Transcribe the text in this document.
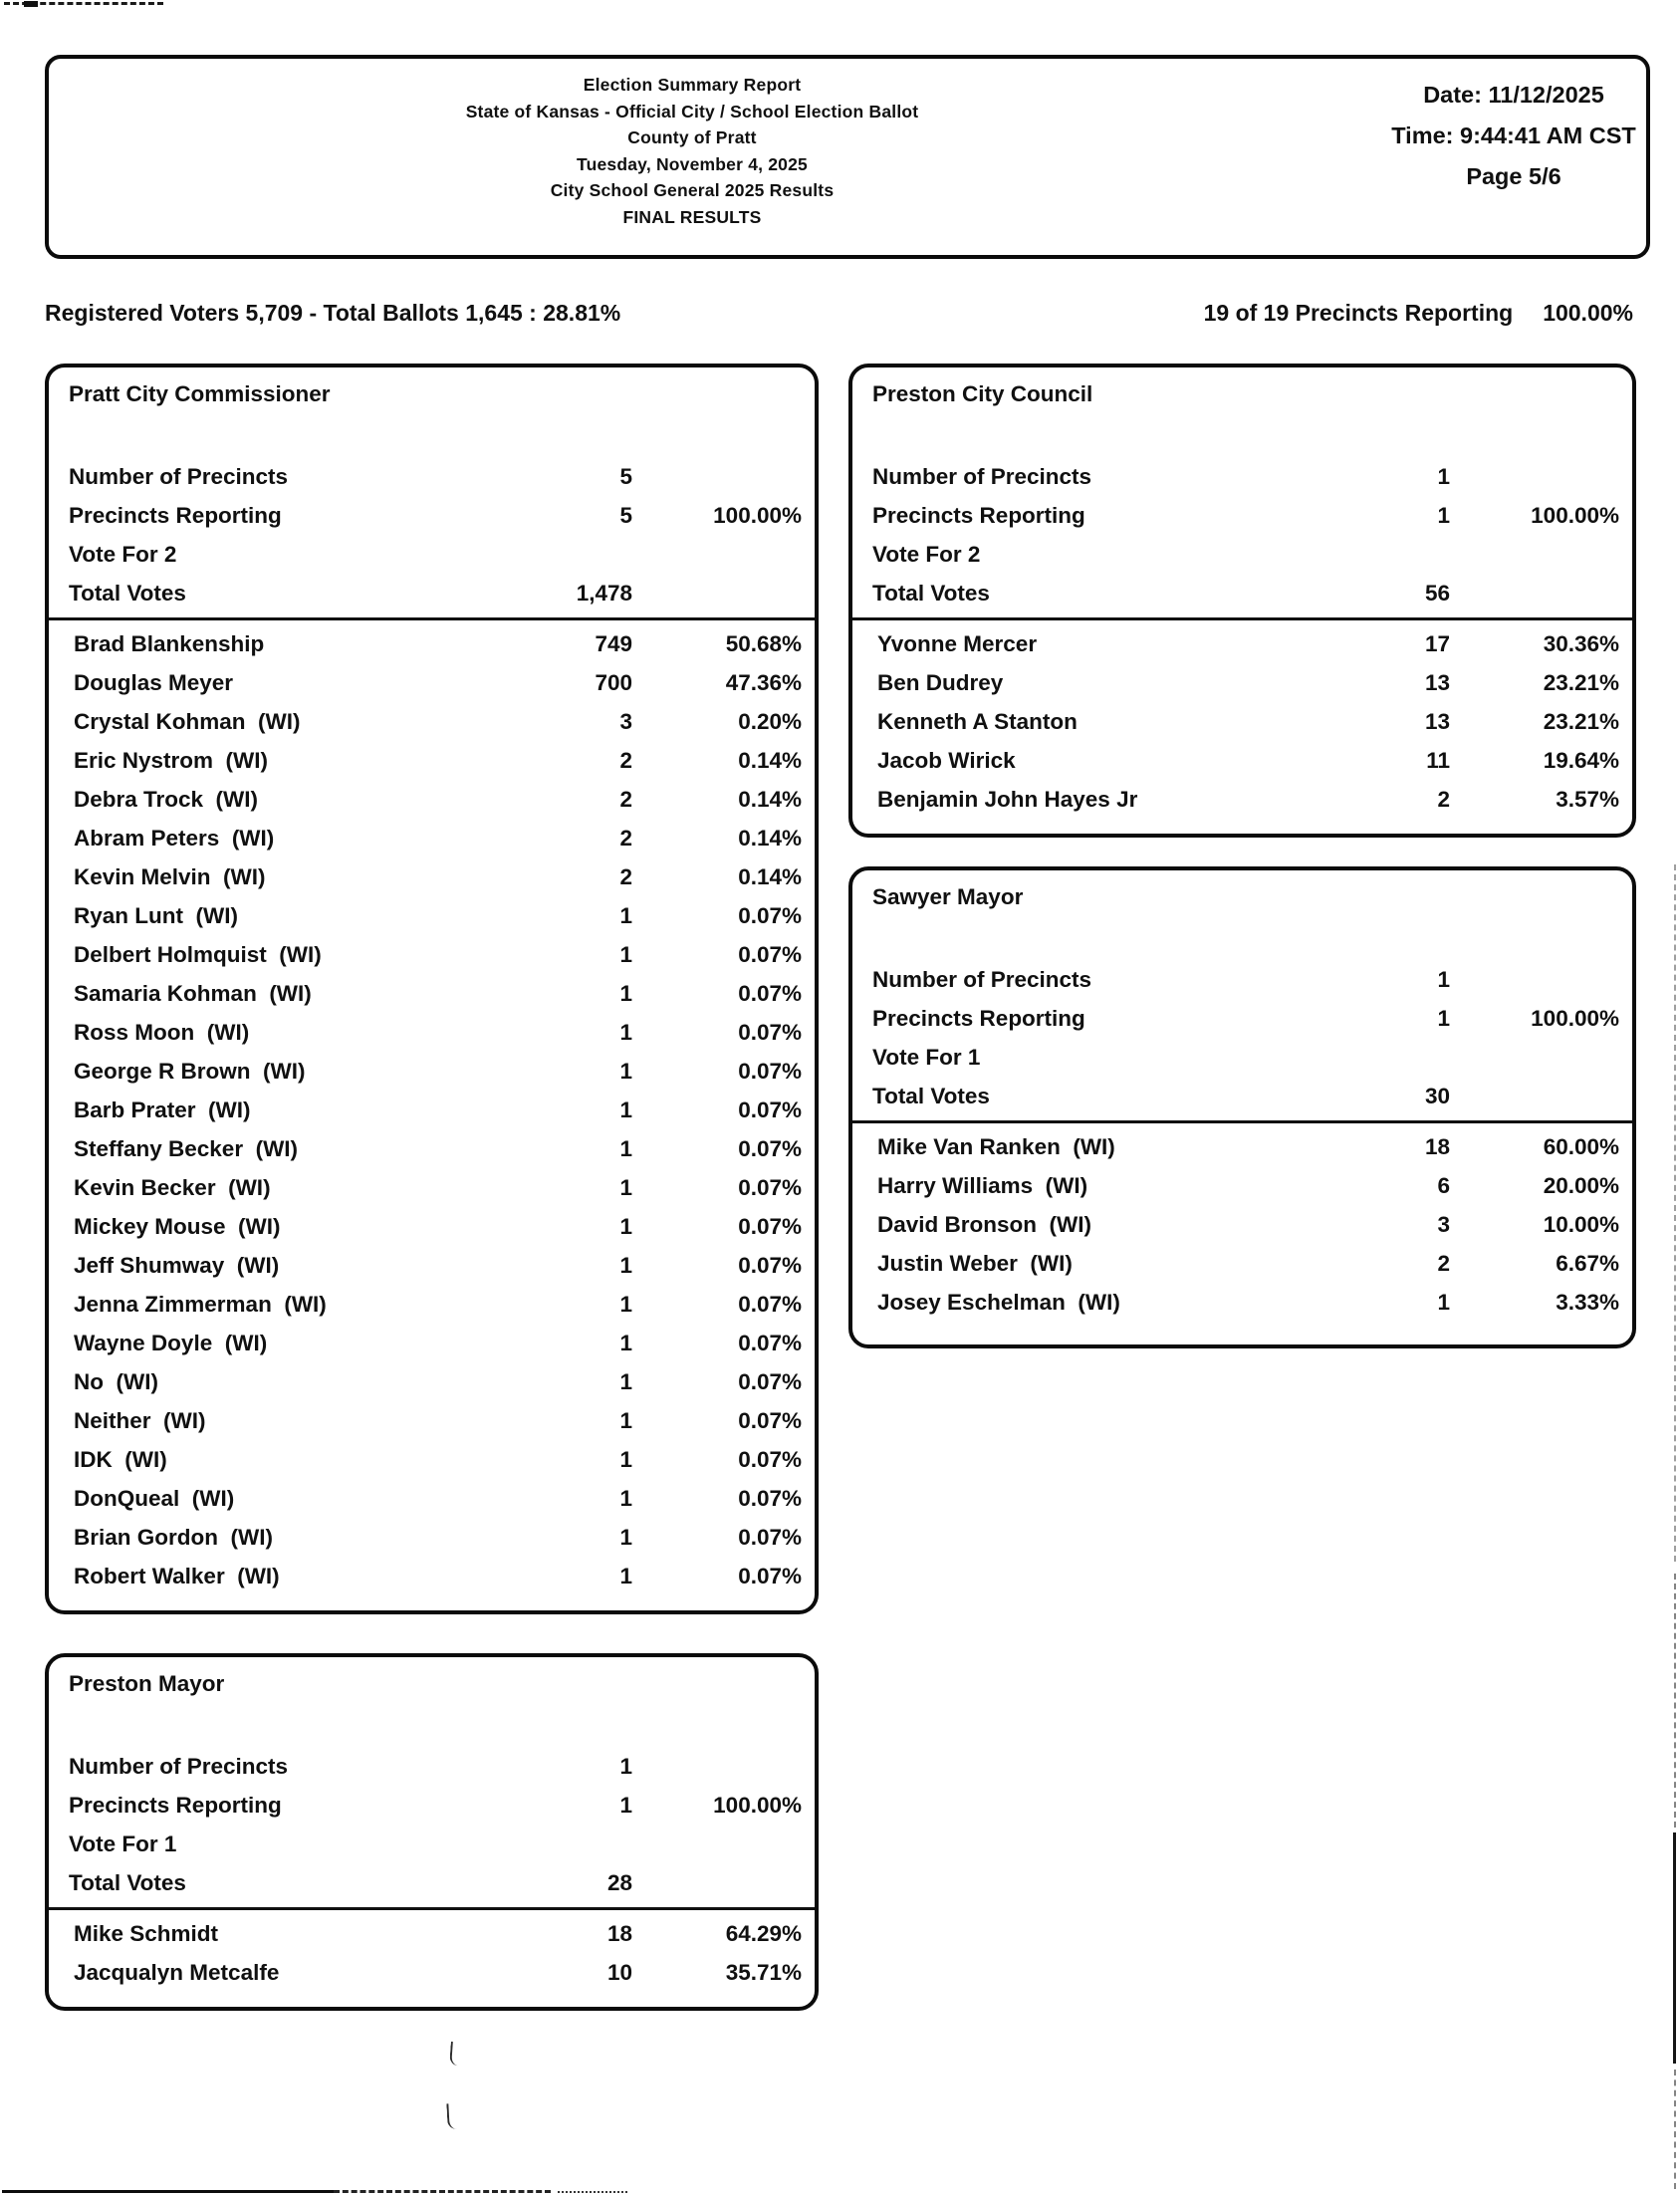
Election Summary Report
State of Kansas - Official City / School Election Ballot
County of Pratt
Tuesday, November 4, 2025
City School General 2025 Results
FINAL RESULTS
Date: 11/12/2025
Time: 9:44:41 AM CST
Page 5/6
Registered Voters 5,709 - Total Ballots 1,645 : 28.81%	19 of 19 Precincts Reporting 100.00%
Pratt City Commissioner
Number of Precincts	5
Precincts Reporting	5	100.00%
Vote For 2
Total Votes	1,478
Brad Blankenship	749	50.68%
Douglas Meyer	700	47.36%
Crystal Kohman  (WI)	3	0.20%
Eric Nystrom  (WI)	2	0.14%
Debra Trock  (WI)	2	0.14%
Abram Peters  (WI)	2	0.14%
Kevin Melvin  (WI)	2	0.14%
Ryan Lunt  (WI)	1	0.07%
Delbert Holmquist  (WI)	1	0.07%
Samaria Kohman  (WI)	1	0.07%
Ross Moon  (WI)	1	0.07%
George R Brown  (WI)	1	0.07%
Barb Prater  (WI)	1	0.07%
Steffany Becker  (WI)	1	0.07%
Kevin Becker  (WI)	1	0.07%
Mickey Mouse  (WI)	1	0.07%
Jeff Shumway  (WI)	1	0.07%
Jenna Zimmerman  (WI)	1	0.07%
Wayne Doyle  (WI)	1	0.07%
No  (WI)	1	0.07%
Neither  (WI)	1	0.07%
IDK  (WI)	1	0.07%
DonQueal  (WI)	1	0.07%
Brian Gordon  (WI)	1	0.07%
Robert Walker  (WI)	1	0.07%
Preston City Council
Number of Precincts	1
Precincts Reporting	1	100.00%
Vote For 2
Total Votes	56
Yvonne Mercer	17	30.36%
Ben Dudrey	13	23.21%
Kenneth A Stanton	13	23.21%
Jacob Wirick	11	19.64%
Benjamin John Hayes Jr	2	3.57%
Sawyer Mayor
Number of Precincts	1
Precincts Reporting	1	100.00%
Vote For 1
Total Votes	30
Mike Van Ranken  (WI)	18	60.00%
Harry Williams  (WI)	6	20.00%
David Bronson  (WI)	3	10.00%
Justin Weber  (WI)	2	6.67%
Josey Eschelman  (WI)	1	3.33%
Preston Mayor
Number of Precincts	1
Precincts Reporting	1	100.00%
Vote For 1
Total Votes	28
Mike Schmidt	18	64.29%
Jacqualyn Metcalfe	10	35.71%
